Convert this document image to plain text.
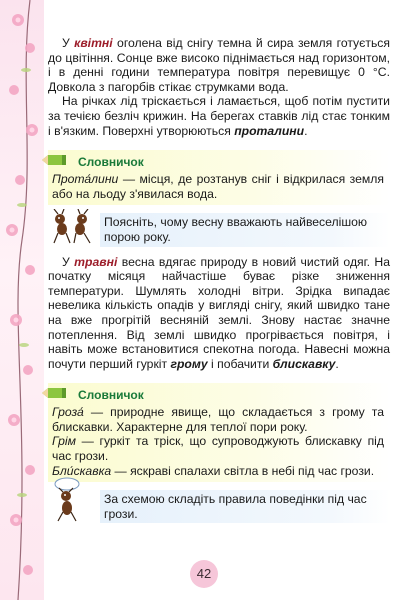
У квітні оголена від снігу темна й сира земля готується до цвітіння. Сонце вже високо піднімається над горизонтом, і в денні години температура повітря перевищує 0 °С. Довкола з пагорбів стікає струмками вода.

На річках лід тріскається і ламається, щоб потім пустити за течією безліч крижин. На берегах ставків лід стає тонким і в'язким. Поверхні утворюються проталини.

Словничок

Прота́лини — місця, де розтанув сніг і відкрилася земля або на льоду з'явилася вода.

Поясніть, чому весну вважають найвеселішою порою року.

У травні весна вдягає природу в новий чистий одяг. На початку місяця найчастіше буває різке зниження температури. Шумлять холодні вітри. Зрідка випадає невелика кількість опадів у вигляді снігу, який швидко тане на вже прогрітій весняній землі. Знову настає значне потеплення. Від землі швидко прогрівається повітря, і навіть може встановитися спекотна погода. Навесні можна почути перший гуркіт грому і побачити блискавку.

Словничок

Гроза́ — природне явище, що складається з грому та блискавки. Характерне для теплої пори року.

Грім — гуркіт та тріск, що супроводжують блискавку під час грози.

Бли́скавка — яскраві спалахи світла в небі під час грози.

За схемою складіть правила поведінки під час грози.

42
